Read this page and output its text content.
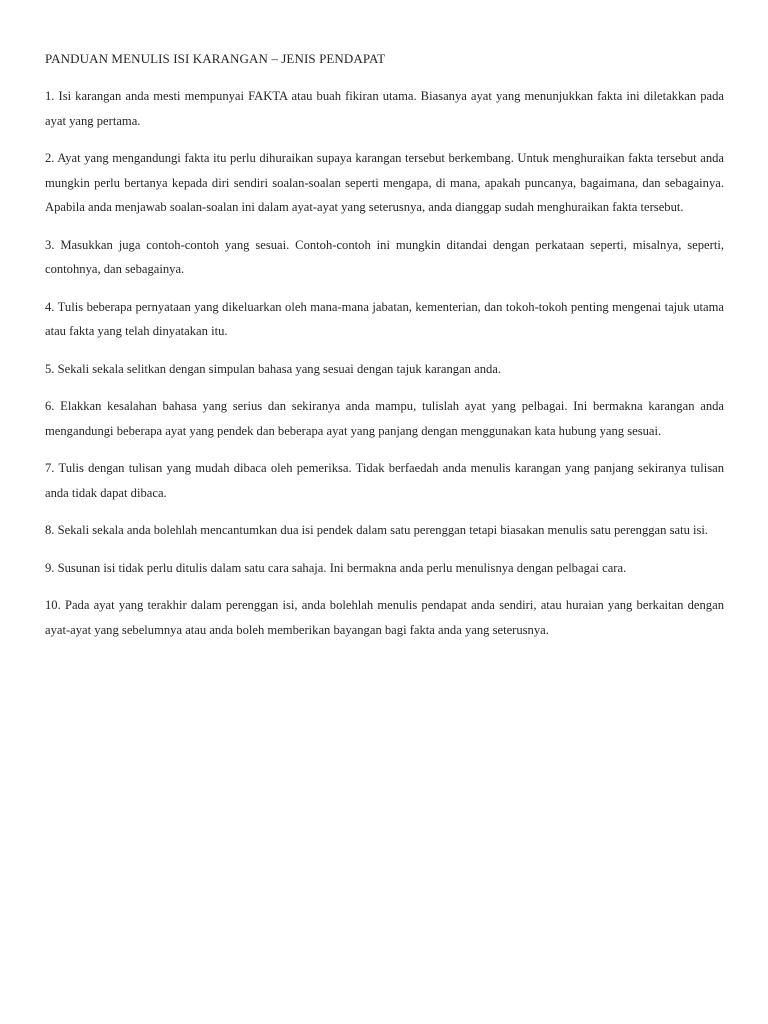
PANDUAN MENULIS ISI KARANGAN – JENIS PENDAPAT

1. Isi karangan anda mesti mempunyai FAKTA atau buah fikiran utama. Biasanya ayat yang menunjukkan fakta ini diletakkan pada ayat yang pertama.

2. Ayat yang mengandungi fakta itu perlu dihuraikan supaya karangan tersebut berkembang. Untuk menghuraikan fakta tersebut anda mungkin perlu bertanya kepada diri sendiri soalan-soalan seperti mengapa, di mana, apakah puncanya, bagaimana, dan sebagainya. Apabila anda menjawab soalan-soalan ini dalam ayat-ayat yang seterusnya, anda dianggap sudah menghuraikan fakta tersebut.

3. Masukkan juga contoh-contoh yang sesuai. Contoh-contoh ini mungkin ditandai dengan perkataan seperti, misalnya, seperti, contohnya, dan sebagainya.

4. Tulis beberapa pernyataan yang dikeluarkan oleh mana-mana jabatan, kementerian, dan tokoh-tokoh penting mengenai tajuk utama atau fakta yang telah dinyatakan itu.

5. Sekali sekala selitkan dengan simpulan bahasa yang sesuai dengan tajuk karangan anda.

6. Elakkan kesalahan bahasa yang serius dan sekiranya anda mampu, tulislah ayat yang pelbagai. Ini bermakna karangan anda mengandungi beberapa ayat yang pendek dan beberapa ayat yang panjang dengan menggunakan kata hubung yang sesuai.

7. Tulis dengan tulisan yang mudah dibaca oleh pemeriksa. Tidak berfaedah anda menulis karangan yang panjang sekiranya tulisan anda tidak dapat dibaca.

8. Sekali sekala anda bolehlah mencantumkan dua isi pendek dalam satu perenggan tetapi biasakan menulis satu perenggan satu isi.

9. Susunan isi tidak perlu ditulis dalam satu cara sahaja. Ini bermakna anda perlu menulisnya dengan pelbagai cara.

10. Pada ayat yang terakhir dalam perenggan isi, anda bolehlah menulis pendapat anda sendiri, atau huraian yang berkaitan dengan ayat-ayat yang sebelumnya atau anda boleh memberikan bayangan bagi fakta anda yang seterusnya.
